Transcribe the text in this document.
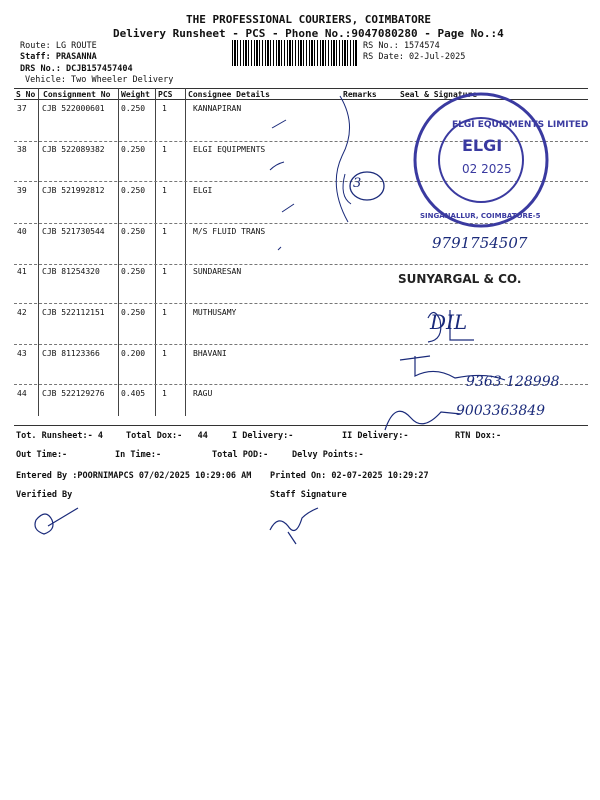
THE PROFESSIONAL COURIERS, COIMBATORE
Delivery Runsheet - PCS - Phone No.:9047080280 - Page No.:4
Route: LG ROUTE
Staff: PRASANNA
DRS No.: DCJB157457404
Vehicle: Two Wheeler Delivery
RS No.: 1574574
RS Date: 02-Jul-2025
S No Consignment No Weight PCS Consignee Details	Remarks	Seal & Signature
37 CJB 522000601 0.250 1	KANNAPIRAN
38 CJB 522089382 0.250 1	ELGI EQUIPMENTS
39 CJB 521992812 0.250 1	ELGI
40 CJB 521730544 0.250 1	M/S FLUID TRANS
41 CJB 81254320	0.250 1	SUNDARESAN
42 CJB 522112151 0.250 1	MUTHUSAMY
43 CJB 81123366	0.200 1	BHAVANI
44 CJB 522129276 0.405 1	RAGU
ELGI EQUIPMENTS LIMITED
ELGI
02 2025
SINGANALLUR, COIMBATORE-5
3
9791754507
SUNYARGAL & CO.
DIL
9363 128998
9003363849
Tot. Runsheet:- 4	Total Dox:-   44	I Delivery:-	II Delivery:-	RTN Dox:-
Out Time:-	In Time:-	Total POD:-	Delvy Points:-
Entered By :POORNIMAPCS 07/02/2025 10:29:06 AM Printed On: 02-07-2025 10:29:27
Verified By	Staff Signature
